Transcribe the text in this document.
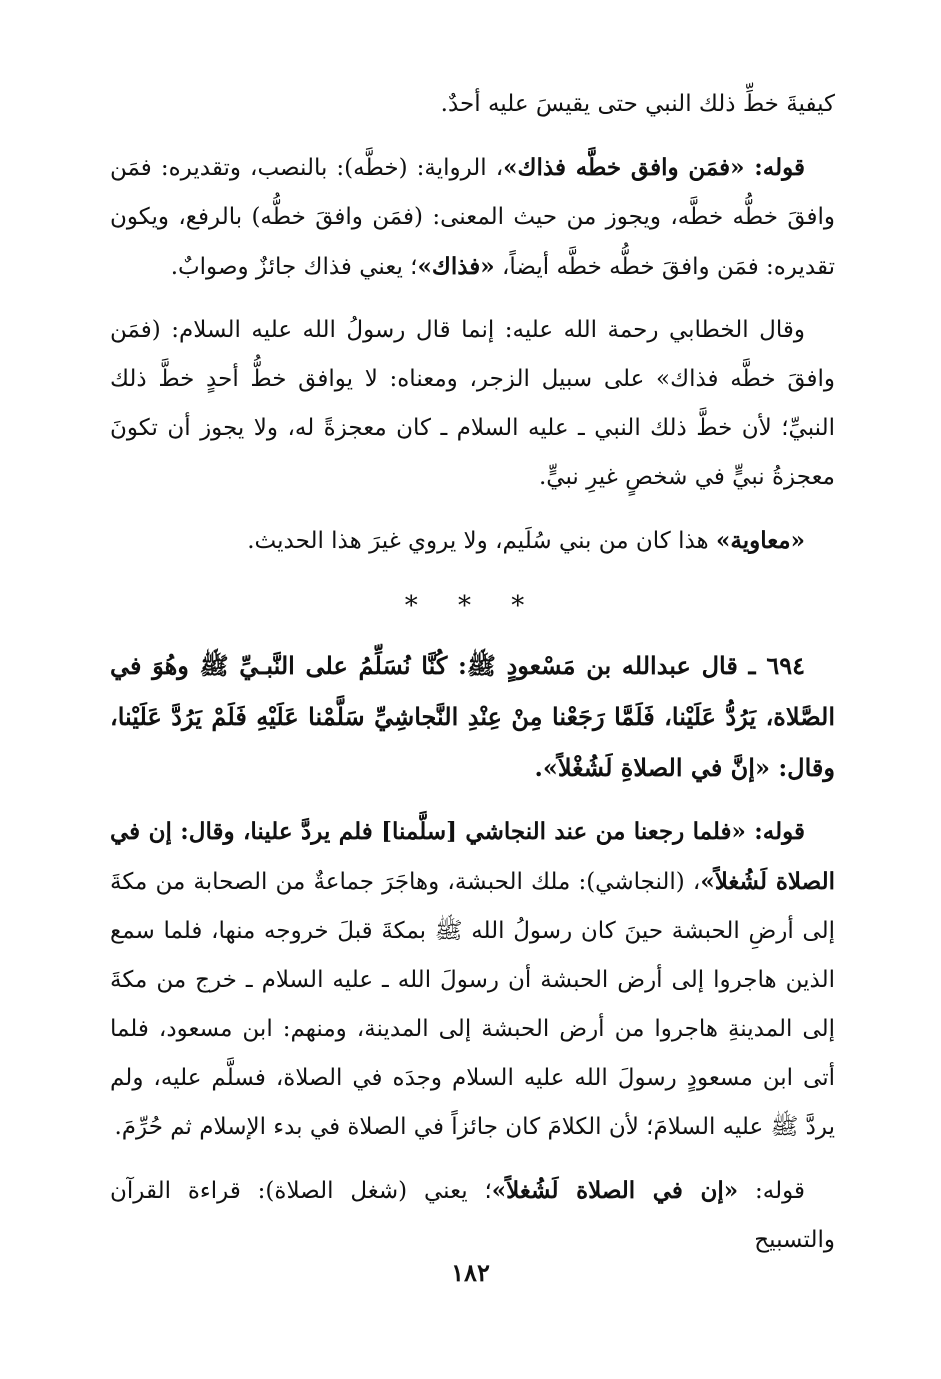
كيفيةَ خطِّ ذلك النبي حتى يقيسَ عليه أحدٌ.

قوله: «فمَن وافق خطَّه فذاك»، الرواية: (خطَّه): بالنصب، وتقديره: فمَن وافقَ خطُّه خطَّه، ويجوز من حيث المعنى: (فمَن وافقَ خطُّه) بالرفع، ويكون تقديره: فمَن وافقَ خطُّه خطَّه أيضاً، «فذاك»؛ يعني فذاك جائزٌ وصوابٌ.

وقال الخطابي رحمة الله عليه: إنما قال رسولُ الله عليه السلام: (فمَن وافقَ خطَّه فذاك» على سبيل الزجر، ومعناه: لا يوافق خطُّ أحدٍ خطَّ ذلك النبيِّ؛ لأن خطَّ ذلك النبي ـ عليه السلام ـ كان معجزةً له، ولا يجوز أن تكونَ معجزةُ نبيٍّ في شخصٍ غيرِ نبيٍّ.

«معاوية» هذا كان من بني سُلَيم، ولا يروي غيرَ هذا الحديث.

* * *

٦٩٤ ـ قال عبدالله بن مَسْعودٍ ﷺ: كُنَّا نُسَلِّمُ على النَّبـيِّ ﷺ وهُوَ في الصَّلاة، يَرُدُّ عَلَيْنا، فَلَمَّا رَجَعْنا مِنْ عِنْدِ النَّجاشِيِّ سَلَّمْنا عَلَيْهِ فَلَمْ يَرُدَّ عَلَيْنا، وقال: «إنَّ في الصلاةِ لَشُغْلاً».

قوله: «فلما رجعنا من عند النجاشي [سلَّمنا] فلم يردَّ علينا، وقال: إن في الصلاة لَشُغلاً»، (النجاشي): ملك الحبشة، وهاجَرَ جماعةٌ من الصحابة من مكةَ إلى أرضِ الحبشة حينَ كان رسولُ الله ﷺ بمكةَ قبلَ خروجه منها، فلما سمع الذين هاجروا إلى أرض الحبشة أن رسولَ الله ـ عليه السلام ـ خرج من مكةَ إلى المدينةِ هاجروا من أرض الحبشة إلى المدينة، ومنهم: ابن مسعود، فلما أتى ابن مسعودٍ رسولَ الله عليه السلام وجدَه في الصلاة، فسلَّم عليه، ولم يردَّ ﷺ عليه السلامَ؛ لأن الكلامَ كان جائزاً في الصلاة في بدء الإسلام ثم حُرِّمَ.

قوله: «إن في الصلاة لَشُغلاً»؛ يعني (شغل الصلاة): قراءة القرآن والتسبيح

١٨٢
